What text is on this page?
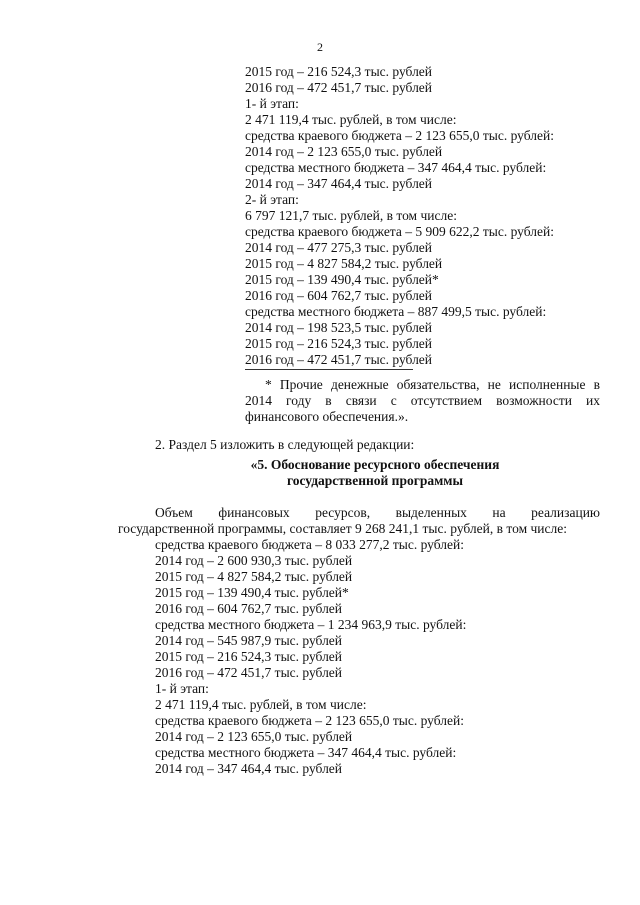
2
2015 год – 216 524,3 тыс. рублей
2016 год – 472 451,7 тыс. рублей
1- й этап:
2 471 119,4 тыс. рублей, в том числе:
средства краевого бюджета – 2 123 655,0 тыс. рублей:
2014 год – 2 123 655,0 тыс. рублей
средства местного бюджета – 347 464,4 тыс. рублей:
2014 год – 347 464,4 тыс. рублей
2- й этап:
6 797 121,7 тыс. рублей, в том числе:
средства краевого бюджета – 5 909 622,2 тыс. рублей:
2014 год – 477 275,3 тыс. рублей
2015 год – 4 827 584,2 тыс. рублей
2015 год – 139 490,4 тыс. рублей*
2016 год – 604 762,7 тыс. рублей
средства местного бюджета – 887 499,5 тыс. рублей:
2014 год – 198 523,5 тыс. рублей
2015 год – 216 524,3 тыс. рублей
2016 год – 472 451,7 тыс. рублей
* Прочие денежные обязательства, не исполненные в 2014 году в связи с отсутствием возможности их финансового обеспечения.».
2. Раздел 5 изложить в следующей редакции:
«5. Обоснование ресурсного обеспечения
государственной программы
Объем финансовых ресурсов, выделенных на реализацию
государственной программы, составляет 9 268 241,1 тыс. рублей, в том числе:
средства краевого бюджета – 8 033 277,2 тыс. рублей:
2014 год – 2 600 930,3 тыс. рублей
2015 год – 4 827 584,2 тыс. рублей
2015 год – 139 490,4 тыс. рублей*
2016 год – 604 762,7 тыс. рублей
средства местного бюджета – 1 234 963,9 тыс. рублей:
2014 год – 545 987,9 тыс. рублей
2015 год – 216 524,3 тыс. рублей
2016 год – 472 451,7 тыс. рублей
1- й этап:
2 471 119,4 тыс. рублей, в том числе:
средства краевого бюджета – 2 123 655,0 тыс. рублей:
2014 год – 2 123 655,0 тыс. рублей
средства местного бюджета – 347 464,4 тыс. рублей:
2014 год – 347 464,4 тыс. рублей
